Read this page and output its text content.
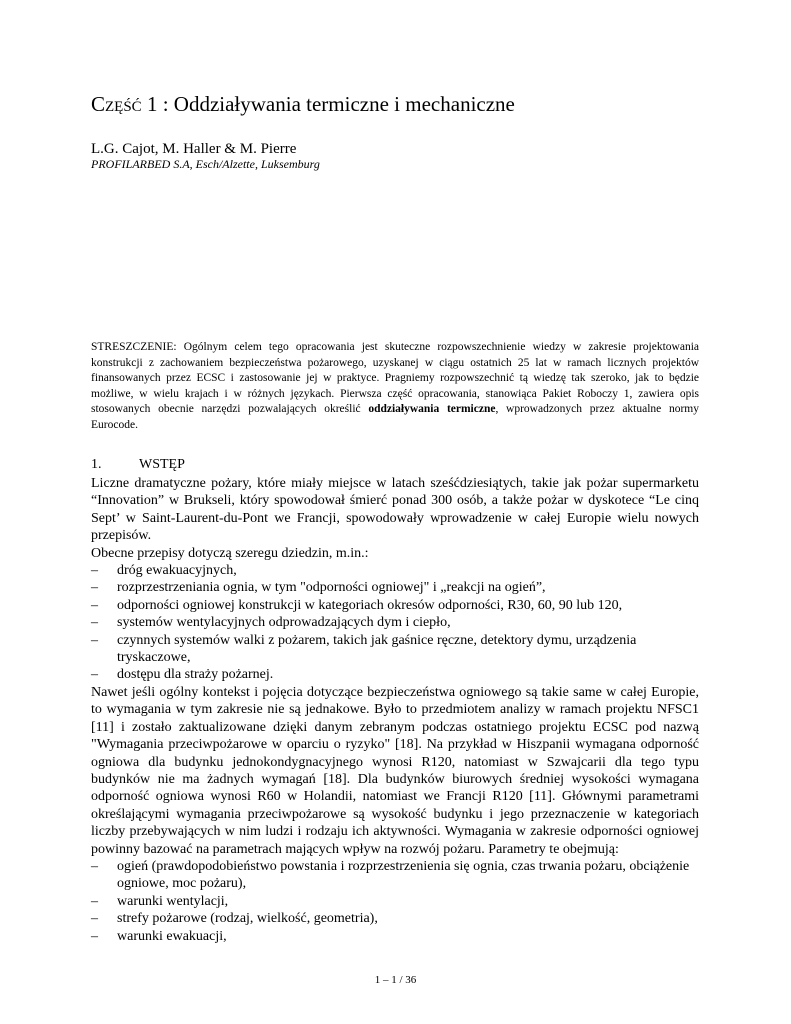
CZĘŚĆ 1 : Oddziaływania termiczne i mechaniczne
L.G. Cajot, M. Haller & M. Pierre
PROFILARBED S.A, Esch/Alzette, Luksemburg
STRESZCZENIE: Ogólnym celem tego opracowania jest skuteczne rozpowszechnienie wiedzy w zakresie projektowania konstrukcji z zachowaniem bezpieczeństwa pożarowego, uzyskanej w ciągu ostatnich 25 lat w ramach licznych projektów finansowanych przez ECSC i zastosowanie jej w praktyce. Pragniemy rozpowszechnić tą wiedzę tak szeroko, jak to będzie możliwe, w wielu krajach i w różnych językach. Pierwsza część opracowania, stanowiąca Pakiet Roboczy 1, zawiera opis stosowanych obecnie narzędzi pozwalających określić oddziaływania termiczne, wprowadzonych przez aktualne normy Eurocode.
1.	WSTĘP

Liczne dramatyczne pożary, które miały miejsce w latach sześćdziesiątych, takie jak pożar supermarketu “Innovation” w Brukseli, który spowodował śmierć ponad 300 osób, a także pożar w dyskotece “Le cinq Sept’ w Saint-Laurent-du-Pont we Francji, spowodowały wprowadzenie w całej Europie wielu nowych przepisów.

Obecne przepisy dotyczą szeregu dziedzin, m.in.:

– dróg ewakuacyjnych,
– rozprzestrzeniania ognia, w tym "odporności ogniowej" i „reakcji na ogień”,
– odporności ogniowej konstrukcji w kategoriach okresów odporności, R30, 60, 90 lub 120,
– systemów wentylacyjnych odprowadzających dym i ciepło,
– czynnych systemów walki z pożarem, takich jak gaśnice ręczne, detektory dymu, urządzenia tryskaczowe,
– dostępu dla straży pożarnej.

Nawet jeśli ogólny kontekst i pojęcia dotyczące bezpieczeństwa ogniowego są takie same w całej Europie, to wymagania w tym zakresie nie są jednakowe. Było to przedmiotem analizy w ramach projektu NFSC1 [11] i zostało zaktualizowane dzięki danym zebranym podczas ostatniego projektu ECSC pod nazwą "Wymagania przeciwpożarowe w oparciu o ryzyko" [18]. Na przykład w Hiszpanii wymagana odporność ogniowa dla budynku jednokondygnacyjnego wynosi R120, natomiast w Szwajcarii dla tego typu budynków nie ma żadnych wymagań [18]. Dla budynków biurowych średniej wysokości wymagana odporność ogniowa wynosi R60 w Holandii, natomiast we Francji R120 [11]. Głównymi parametrami określającymi wymagania przeciwpożarowe są wysokość budynku i jego przeznaczenie w kategoriach liczby przebywających w nim ludzi i rodzaju ich aktywności. Wymagania w zakresie odporności ogniowej powinny bazować na parametrach mających wpływ na rozwój pożaru. Parametry te obejmują:

– ogień (prawdopodobieństwo powstania i rozprzestrzenienia się ognia, czas trwania pożaru, obciążenie ogniowe, moc pożaru),
– warunki wentylacji,
– strefy pożarowe (rodzaj, wielkość, geometria),
– warunki ewakuacji,
1 – 1 / 36
